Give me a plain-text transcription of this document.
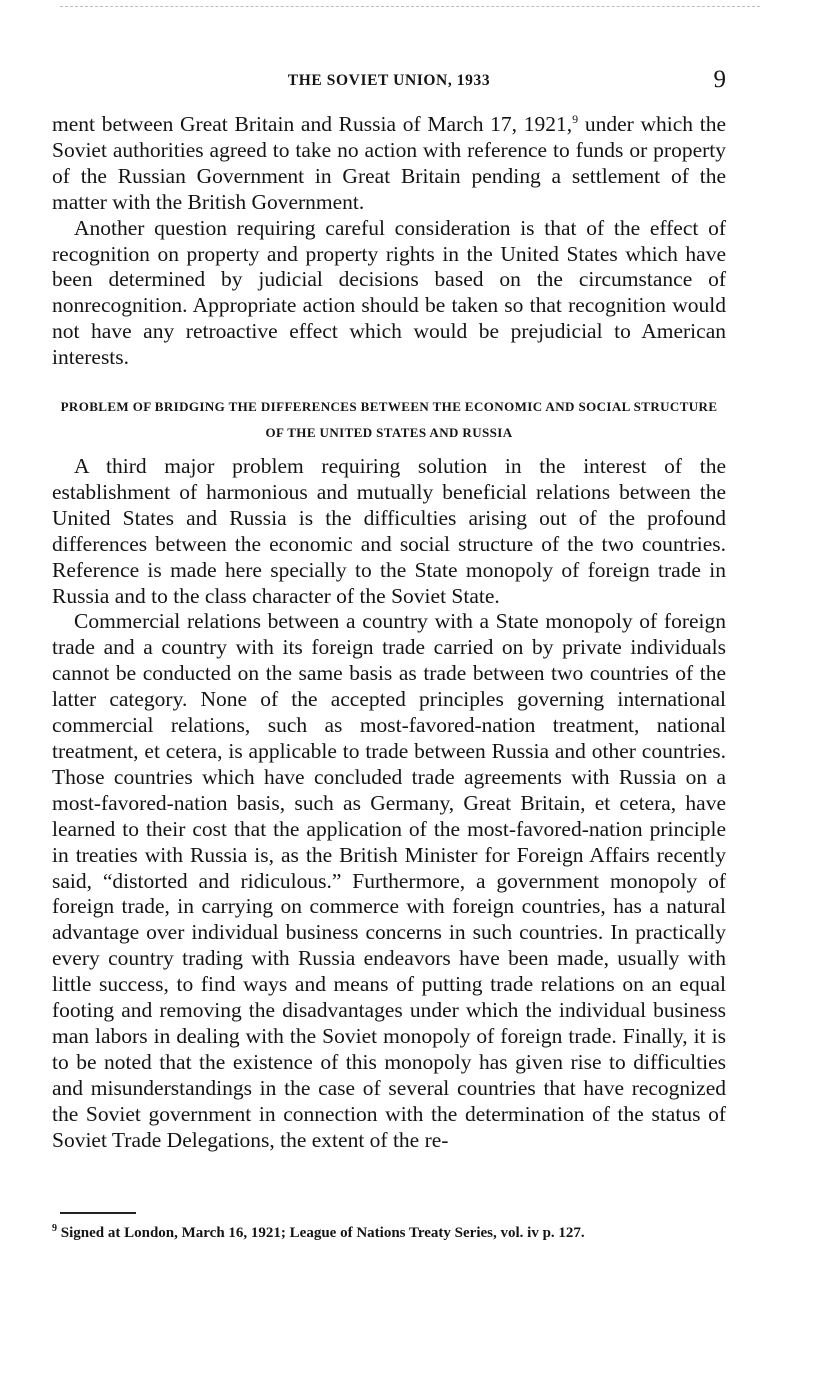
THE SOVIET UNION, 1933	9

ment between Great Britain and Russia of March 17, 1921,$^9$ under which the Soviet authorities agreed to take no action with reference to funds or property of the Russian Government in Great Britain pending a settlement of the matter with the British Government.

Another question requiring careful consideration is that of the effect of recognition on property and property rights in the United States which have been determined by judicial decisions based on the circumstance of nonrecognition. Appropriate action should be taken so that recognition would not have any retroactive effect which would be prejudicial to American interests.

PROBLEM OF BRIDGING THE DIFFERENCES BETWEEN THE ECONOMIC AND SOCIAL STRUCTURE OF THE UNITED STATES AND RUSSIA

A third major problem requiring solution in the interest of the establishment of harmonious and mutually beneficial relations between the United States and Russia is the difficulties arising out of the profound differences between the economic and social structure of the two countries. Reference is made here specially to the State monopoly of foreign trade in Russia and to the class character of the Soviet State.

Commercial relations between a country with a State monopoly of foreign trade and a country with its foreign trade carried on by private individuals cannot be conducted on the same basis as trade between two countries of the latter category. None of the accepted principles governing international commercial relations, such as most-favored-nation treatment, national treatment, et cetera, is applicable to trade between Russia and other countries. Those countries which have concluded trade agreements with Russia on a most-favored-nation basis, such as Germany, Great Britain, et cetera, have learned to their cost that the application of the most-favored-nation principle in treaties with Russia is, as the British Minister for Foreign Affairs recently said, “distorted and ridiculous.” Furthermore, a government monopoly of foreign trade, in carrying on commerce with foreign countries, has a natural advantage over individual business concerns in such countries. In practically every country trading with Russia endeavors have been made, usually with little success, to find ways and means of putting trade relations on an equal footing and removing the disadvantages under which the individual business man labors in dealing with the Soviet monopoly of foreign trade. Finally, it is to be noted that the existence of this monopoly has given rise to difficulties and misunderstandings in the case of several countries that have recognized the Soviet government in connection with the determination of the status of Soviet Trade Delegations, the extent of the re-

$^9$ Signed at London, March 16, 1921; League of Nations Treaty Series, vol. iv p. 127.
